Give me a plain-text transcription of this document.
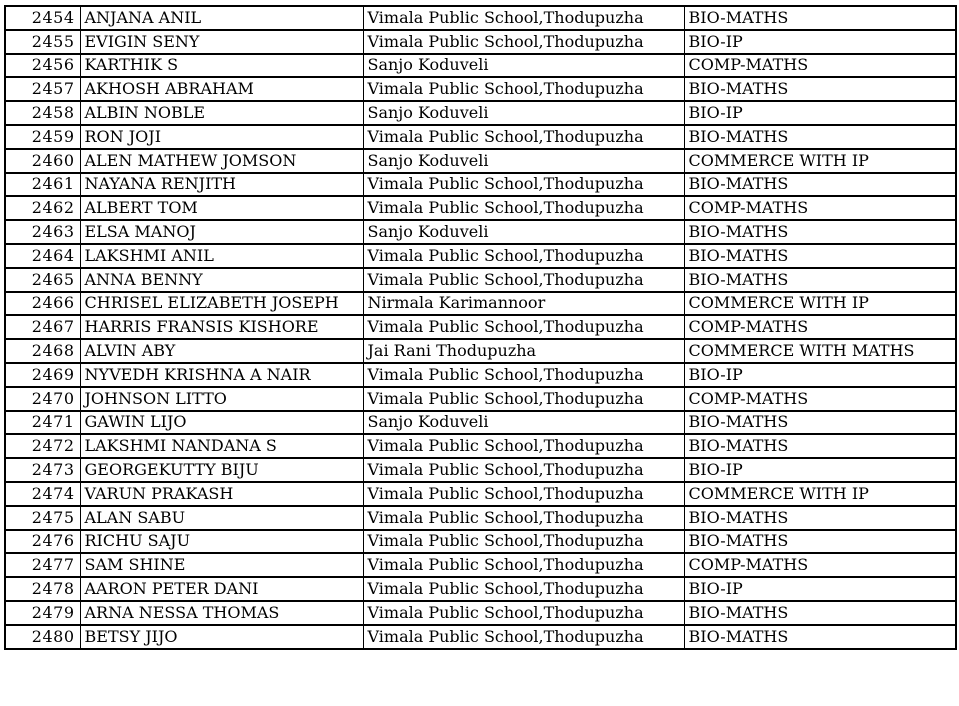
2454	ANJANA ANIL	Vimala Public School,Thodupuzha	BIO-MATHS
2455	EVIGIN SENY	Vimala Public School,Thodupuzha	BIO-IP
2456	KARTHIK S	Sanjo Koduveli	COMP-MATHS
2457	AKHOSH ABRAHAM	Vimala Public School,Thodupuzha	BIO-MATHS
2458	ALBIN NOBLE	Sanjo Koduveli	BIO-IP
2459	RON JOJI	Vimala Public School,Thodupuzha	BIO-MATHS
2460	ALEN MATHEW JOMSON	Sanjo Koduveli	COMMERCE WITH IP
2461	NAYANA RENJITH	Vimala Public School,Thodupuzha	BIO-MATHS
2462	ALBERT TOM	Vimala Public School,Thodupuzha	COMP-MATHS
2463	ELSA MANOJ	Sanjo Koduveli	BIO-MATHS
2464	LAKSHMI ANIL	Vimala Public School,Thodupuzha	BIO-MATHS
2465	ANNA BENNY	Vimala Public School,Thodupuzha	BIO-MATHS
2466	CHRISEL ELIZABETH JOSEPH	Nirmala Karimannoor	COMMERCE WITH IP
2467	HARRIS FRANSIS KISHORE	Vimala Public School,Thodupuzha	COMP-MATHS
2468	ALVIN ABY	Jai Rani Thodupuzha	COMMERCE WITH MATHS
2469	NYVEDH KRISHNA A NAIR	Vimala Public School,Thodupuzha	BIO-IP
2470	JOHNSON LITTO	Vimala Public School,Thodupuzha	COMP-MATHS
2471	GAWIN LIJO	Sanjo Koduveli	BIO-MATHS
2472	LAKSHMI NANDANA S	Vimala Public School,Thodupuzha	BIO-MATHS
2473	GEORGEKUTTY BIJU	Vimala Public School,Thodupuzha	BIO-IP
2474	VARUN PRAKASH	Vimala Public School,Thodupuzha	COMMERCE WITH IP
2475	ALAN SABU	Vimala Public School,Thodupuzha	BIO-MATHS
2476	RICHU SAJU	Vimala Public School,Thodupuzha	BIO-MATHS
2477	SAM SHINE	Vimala Public School,Thodupuzha	COMP-MATHS
2478	AARON PETER DANI	Vimala Public School,Thodupuzha	BIO-IP
2479	ARNA NESSA THOMAS	Vimala Public School,Thodupuzha	BIO-MATHS
2480	BETSY JIJO	Vimala Public School,Thodupuzha	BIO-MATHS
